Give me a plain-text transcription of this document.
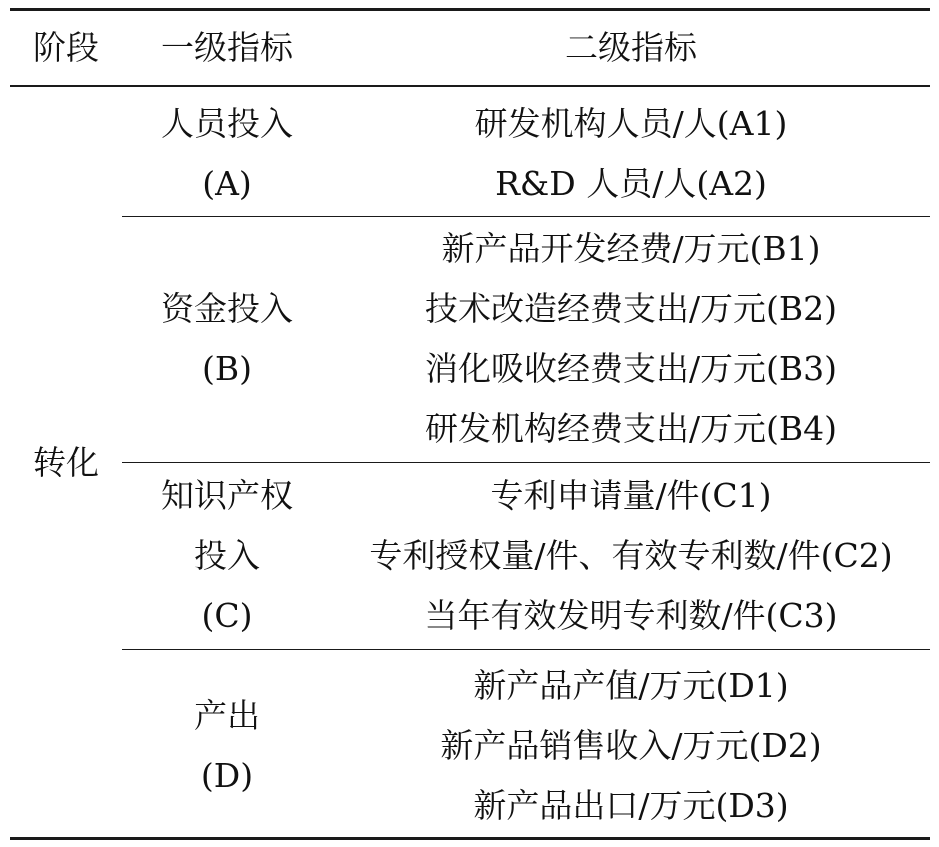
阶段	一级指标	二级指标
转化
人员投入
(A)
研发机构人员/人(A1)
R&D 人员/人(A2)
资金投入
(B)
新产品开发经费/万元(B1)
技术改造经费支出/万元(B2)
消化吸收经费支出/万元(B3)
研发机构经费支出/万元(B4)
知识产权
投入
(C)
专利申请量/件(C1)
专利授权量/件、有效专利数/件(C2)
当年有效发明专利数/件(C3)
产出
(D)
新产品产值/万元(D1)
新产品销售收入/万元(D2)
新产品出口/万元(D3)
